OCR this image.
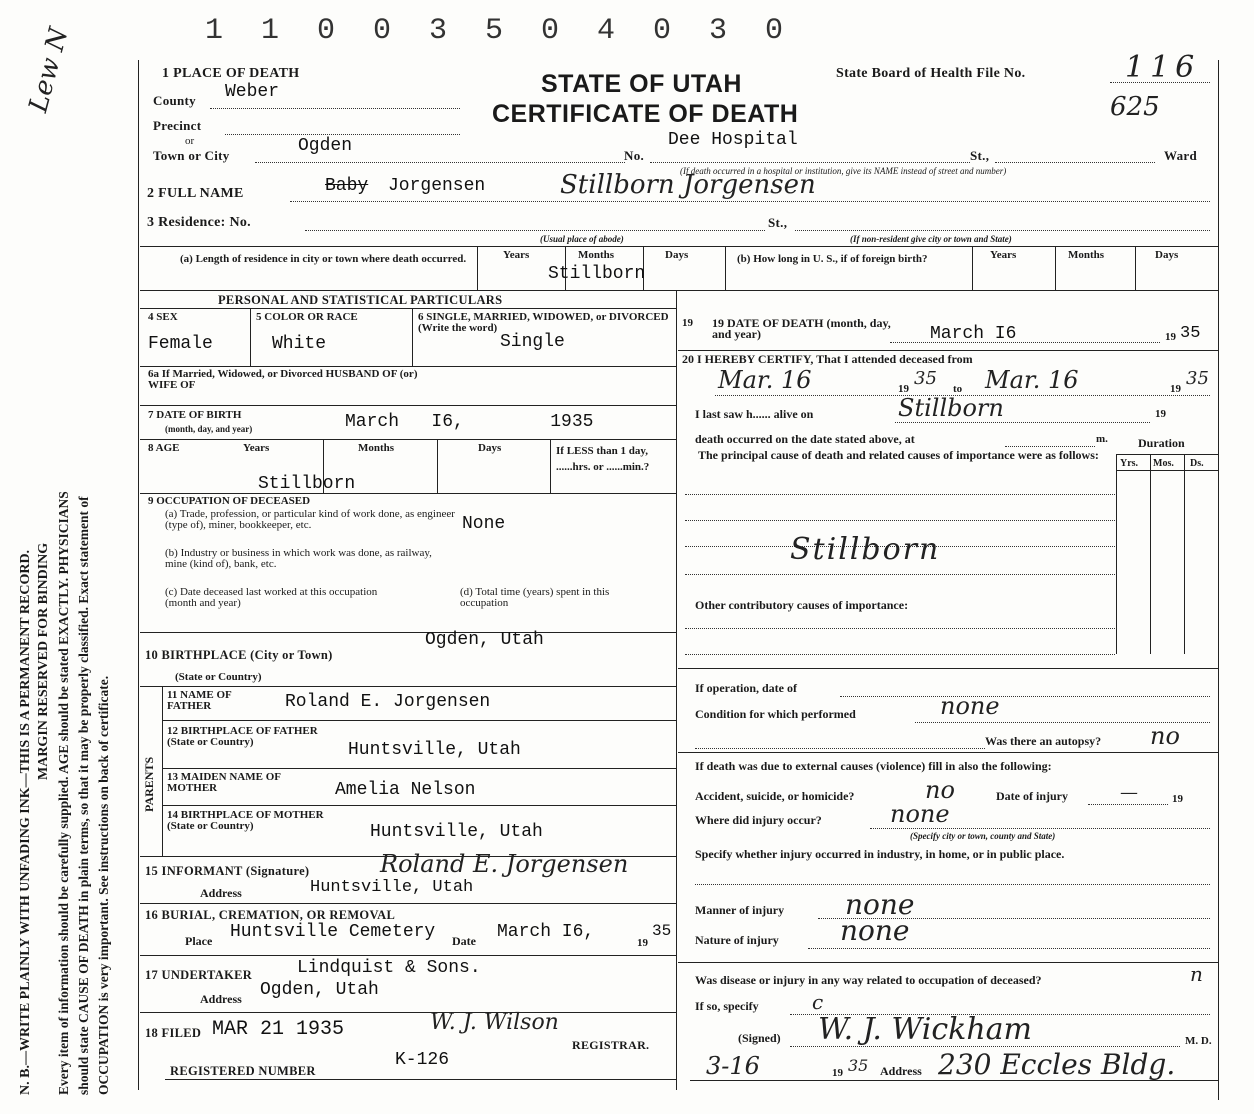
1 1 0 0 3 5 0 4 0 3 0
N. B.—WRITE PLAINLY WITH UNFADING INK—THIS IS A PERMANENT RECORD. Every item of information should be carefully supplied. AGE should be stated EXACTLY. PHYSICIANS should state CAUSE OF DEATH in plain terms, so that it may be properly classified. Exact statement of OCCUPATION is very important. See instructions on back of certificate.
MARGIN RESERVED FOR BINDING
Lew N	1 PLACE OF DEATH	STATE OF UTAH
CERTIFICATE OF DEATH
State Board of Health File No.	116
625
County Weber
Precinct
or
Town or City	Ogden	No.
Dee Hospital
St.,	Ward
(If death occurred in a hospital or institution, give its NAME instead of street and number)
2 FULL NAME	Baby Jorgensen	Stillborn Jorgensen
3 Residence: No.	St.,
(Usual place of abode)	(If non-resident give city or town and State)
(a) Length of residence in city or town where death occurred.	Years	Months	Days
Stillborn
(b) How long in U. S., if of foreign birth?	Years	Months	Days
PERSONAL AND STATISTICAL PARTICULARS
4 SEX
Female
5 COLOR OR RACE
White
6 SINGLE, MARRIED, WIDOWED, or DIVORCED (Write the word)
Single
6a If Married, Widowed, or Divorced HUSBAND OF (or) WIFE OF
7 DATE OF BIRTH
(month, day, and year)	March   I6,        1935
8 AGE	Years	Months	Days	If LESS than 1 day, ......hrs. or ......min.?
Stillborn
9 OCCUPATION OF DECEASED
(a) Trade, profession, or particular kind of work done, as engineer (type of), miner, bookkeeper, etc.	None
(b) Industry or business in which work was done, as railway, mine (kind of), bank, etc.
(c) Date deceased last worked at this occupation (month and year)
(d) Total time (years) spent in this occupation
10 BIRTHPLACE (City or Town)
Ogden, Utah
(State or Country)
PARENTS
11 NAME OF FATHER	Roland E. Jorgensen
12 BIRTHPLACE OF FATHER (State or Country)	Huntsville, Utah
13 MAIDEN NAME OF MOTHER	Amelia Nelson
14 BIRTHPLACE OF MOTHER (State or Country)	Huntsville, Utah
15 INFORMANT (Signature)	Roland E. Jorgensen
Address	Huntsville, Utah
16 BURIAL, CREMATION, OR REMOVAL
Place Huntsville Cemetery Date March I6,
19
35
17 UNDERTAKER Lindquist & Sons.
Address Ogden, Utah
18 FILED MAR 21 1935	W. J. Wilson
REGISTRAR.
REGISTERED NUMBER
K-126
19 19 DATE OF DEATH (month, day, and year)	March I6	19 35
20 I HEREBY CERTIFY, That I attended deceased from
Mar. 16	19 35 to Mar. 16	19 35
I last saw h...... alive on	Stillborn	19
death occurred on the date stated above, at	m.	Duration
The principal cause of death and related causes of importance were as follows:
Yrs. Mos. Ds.
Stillborn
Other contributory causes of importance:
If operation, date of
Condition for which performed	none
Was there an autopsy? no
If death was due to external causes (violence) fill in also the following:
Accident, suicide, or homicide?	no	Date of injury	—	19
Where did injury occur?	none
(Specify city or town, county and State)
Specify whether injury occurred in industry, in home, or in public place.
Manner of injury none
Nature of injury none
Was disease or injury in any way related to occupation of deceased?	n
If so, specify	c
(Signed) W. J. Wickham	M. D.
3-16	19 35 Address 230 Eccles Bldg.
